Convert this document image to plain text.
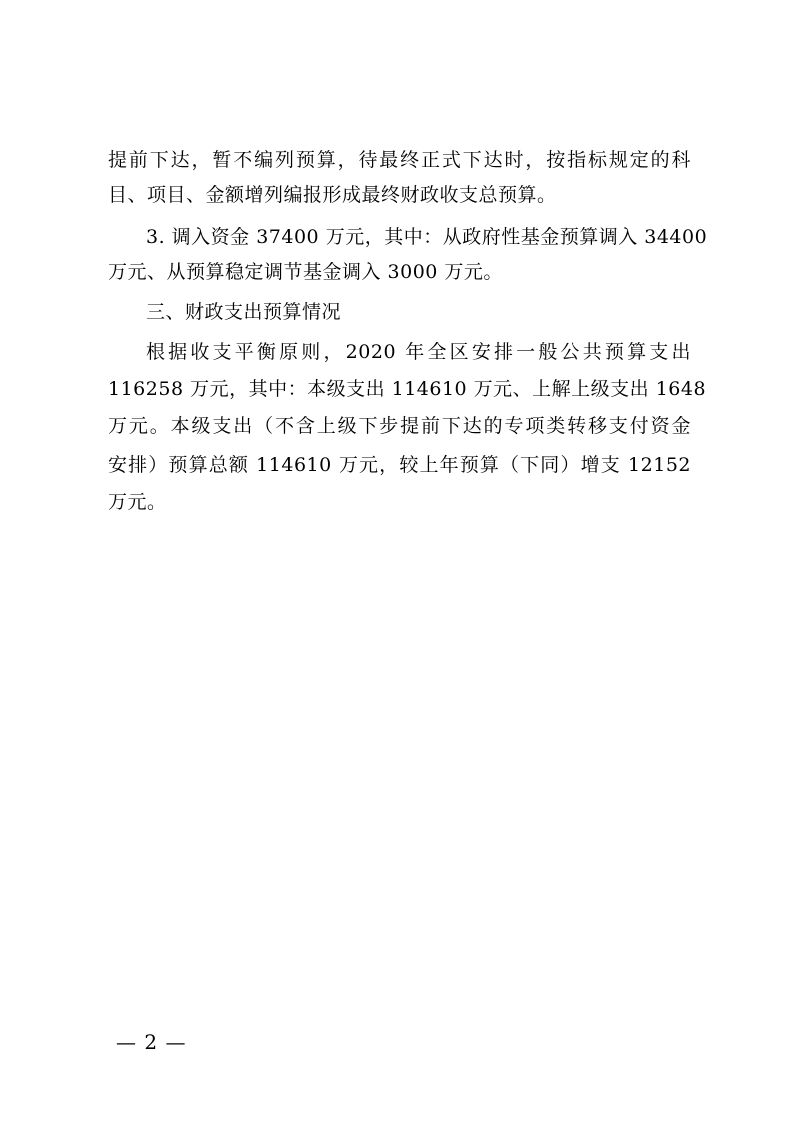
提前下达，暂不编列预算，待最终正式下达时，按指标规定的科
目、项目、金额增列编报形成最终财政收支总预算。
3. 调入资金 37400 万元，其中：从政府性基金预算调入 34400
万元、从预算稳定调节基金调入 3000 万元。
三、财政支出预算情况
根据收支平衡原则，2020 年全区安排一般公共预算支出
116258 万元，其中：本级支出 114610 万元、上解上级支出 1648
万元。本级支出（不含上级下步提前下达的专项类转移支付资金
安排）预算总额 114610 万元，较上年预算（下同）增支 12152
万元。
— 2 —
